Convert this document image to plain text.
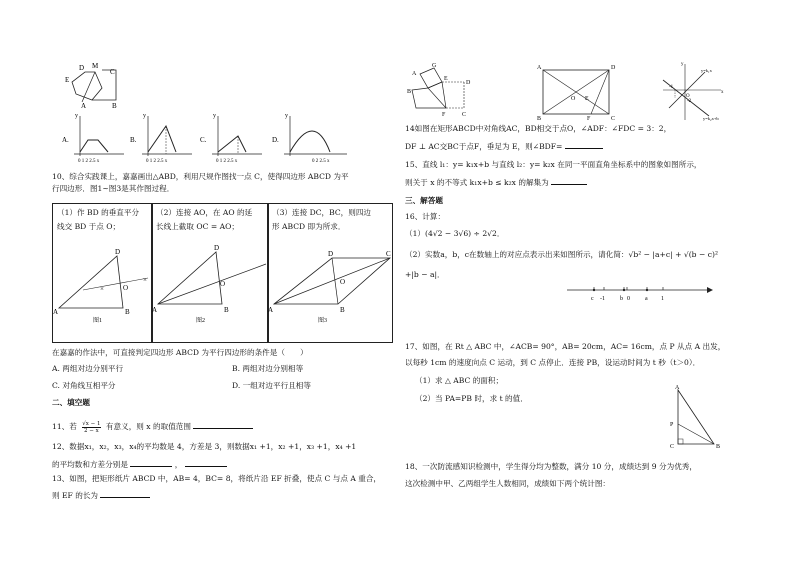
D M
C
E
A	B
A.
y
0 1 2 2.5 x
B.
y
0 1 2 2.5 x
C.
y
0 1 2 2.5 x
D.
y
0 2 2.5 x
10、综合实践课上，嘉嘉画出△ABD，利用尺规作图找一点 C，使得四边形 ABCD 为平
行四边形．图1~图3是其作图过程．
（1）作 BD 的垂直平分
线交 BD 于点 O；
×
×
A	B
D
O
图1
（2）连接 AO，在 AO 的延
长线上截取 OC = AO；
A	B
D
O
图2
（3）连接 DC，BC，则四边
形 ABCD 即为所求．
A	B
D	C
O
图3
在嘉嘉的作法中，可直接判定四边形 ABCD 为平行四边形的条件是（　　）
A. 两组对边分别平行	B. 两组对边分别相等
C. 对角线互相平分	D. 一组对边平行且相等
二、填空题
11、若 $\frac{√x - 1}{2 - x}$ 有意义，则 x 的取值范围
12、数据x₁，x₂，x₃，x₄的平均数是 4，方差是 3，则数据x₁ +1，x₂ +1，x₃ +1，x₄ +1
的平均数和方差分别是	，
13、如图，把矩形纸片 ABCD 中，AB= 4，BC= 8，将纸片沿 EF 折叠，使点 C 与点 A 重合，
则 EF 的长为
G
A
E
D
B
F	C
A	D
B	C
O E
F
y=k₁x
y=k₂x+b
-1
-2
O
x
y
14如图在矩形ABCD中对角线AC，BD相交于点O，∠ADF：∠FDC = 3：2，
DF ⊥ AC交BC于点F，垂足为 E，则∠BDF=
15、直线 l₁：y= k₁x+b 与直线 l₂：y= k₂x 在同一平面直角坐标系中的图象如图所示，
则关于 x 的不等式 k₁x+b ≤ k₂x 的解集为
三、解答题
16、计算：
（1）(4√2 − 3√6) ÷ 2√2．
（2）实数a，b，c在数轴上的对应点表示出来如图所示，请化简：√b² − |a+c| + √(b − c)²
+|b − a|．
c -1	b 0	a 1
17、如图，在 Rt △ ABC 中，∠ACB= 90°，AB= 20cm，AC= 16cm，点 P 从点 A 出发，
以每秒 1cm 的速度向点 C 运动，到 C 点停止．连接 PB，设运动时间为 t 秒（t＞0）．
（1）求 △ ABC 的面积；
（2）当 PA=PB 时，求 t 的值．
A
P
C	B
18、一次防流感知识检测中，学生得分均为整数，满分 10 分，成绩达到 9 分为优秀，
这次检测中甲、乙两组学生人数相同，成绩如下两个统计图：
